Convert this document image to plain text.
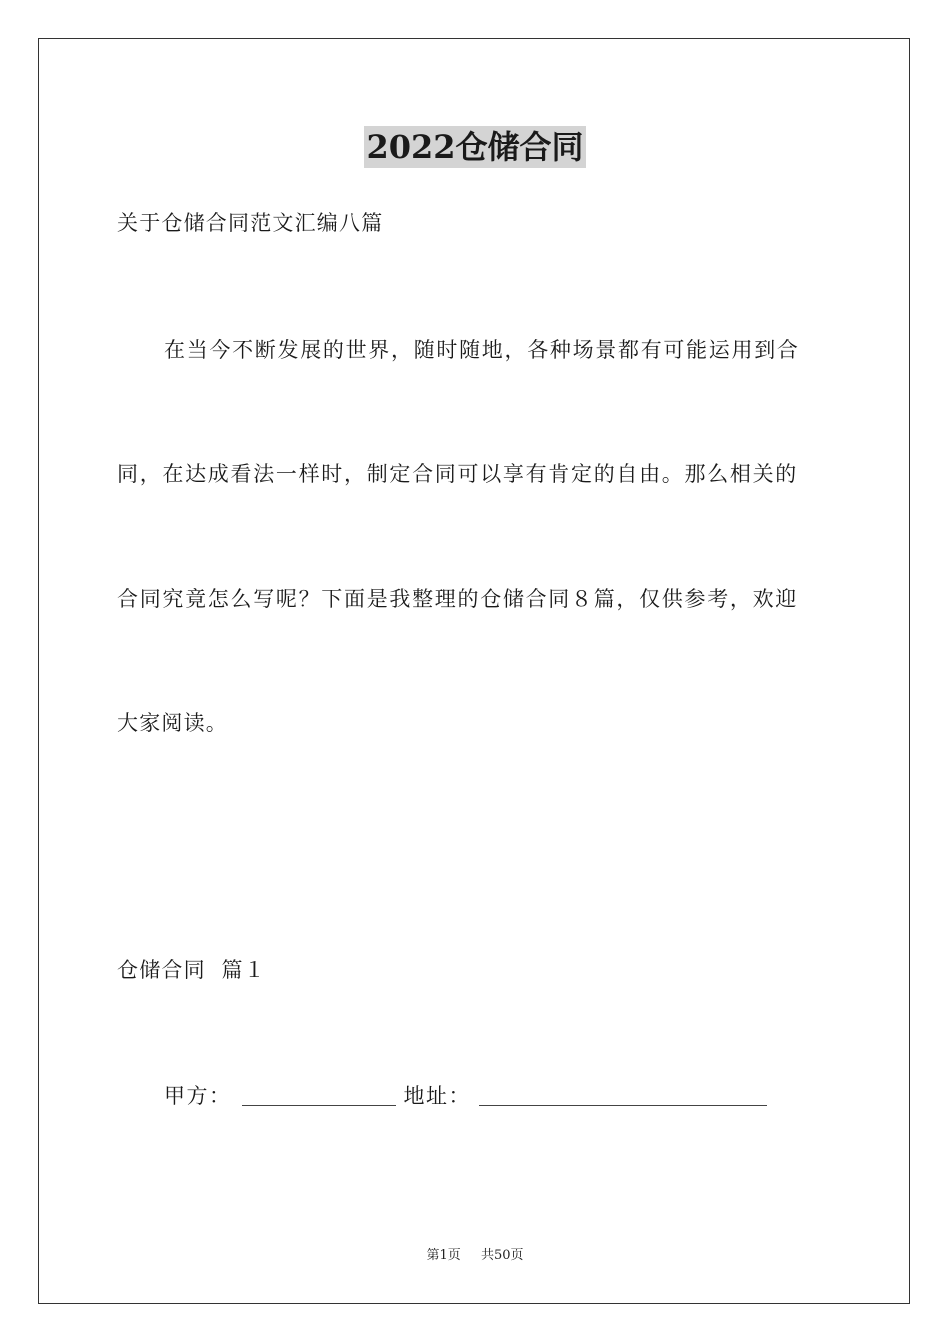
2022仓储合同
关于仓储合同范文汇编八篇
在当今不断发展的世界，随时随地，各种场景都有可能运用到合
同，在达成看法一样时，制定合同可以享有肯定的自由。那么相关的
合同究竟怎么写呢？下面是我整理的仓储合同８篇，仅供参考，欢迎
大家阅读。
仓储合同  篇１
甲方：	地址：
第1页 共50页
